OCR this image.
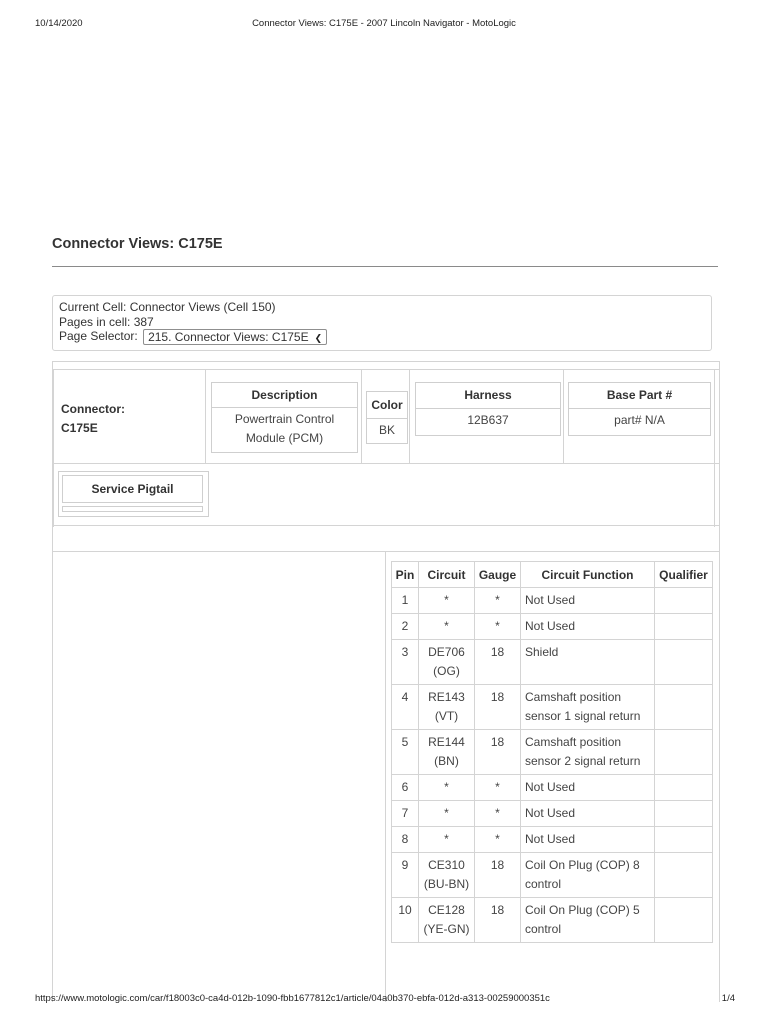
10/14/2020	Connector Views: C175E - 2007 Lincoln Navigator - MotoLogic
Connector Views: C175E
Current Cell: Connector Views (Cell 150)
Pages in cell: 387
Page Selector: 215. Connector Views: C175E ❮
Connector:
C175E
Description
Powertrain Control Module (PCM)
Color
BK
Harness
12B637
Base Part #
part# N/A
Service Pigtail
Pin	Circuit	Gauge	Circuit Function	Qualifier
1	*	*	Not Used	
2	*	*	Not Used	
3	DE706 (OG)	18	Shield	
4	RE143 (VT)	18	Camshaft position sensor 1 signal return	
5	RE144 (BN)	18	Camshaft position sensor 2 signal return	
6	*	*	Not Used	
7	*	*	Not Used	
8	*	*	Not Used	
9	CE310 (BU-BN)	18	Coil On Plug (COP) 8 control	
10	CE128 (YE-GN)	18	Coil On Plug (COP) 5 control	
https://www.motologic.com/car/f18003c0-ca4d-012b-1090-fbb1677812c1/article/04a0b370-ebfa-012d-a313-00259000351c	1/4
